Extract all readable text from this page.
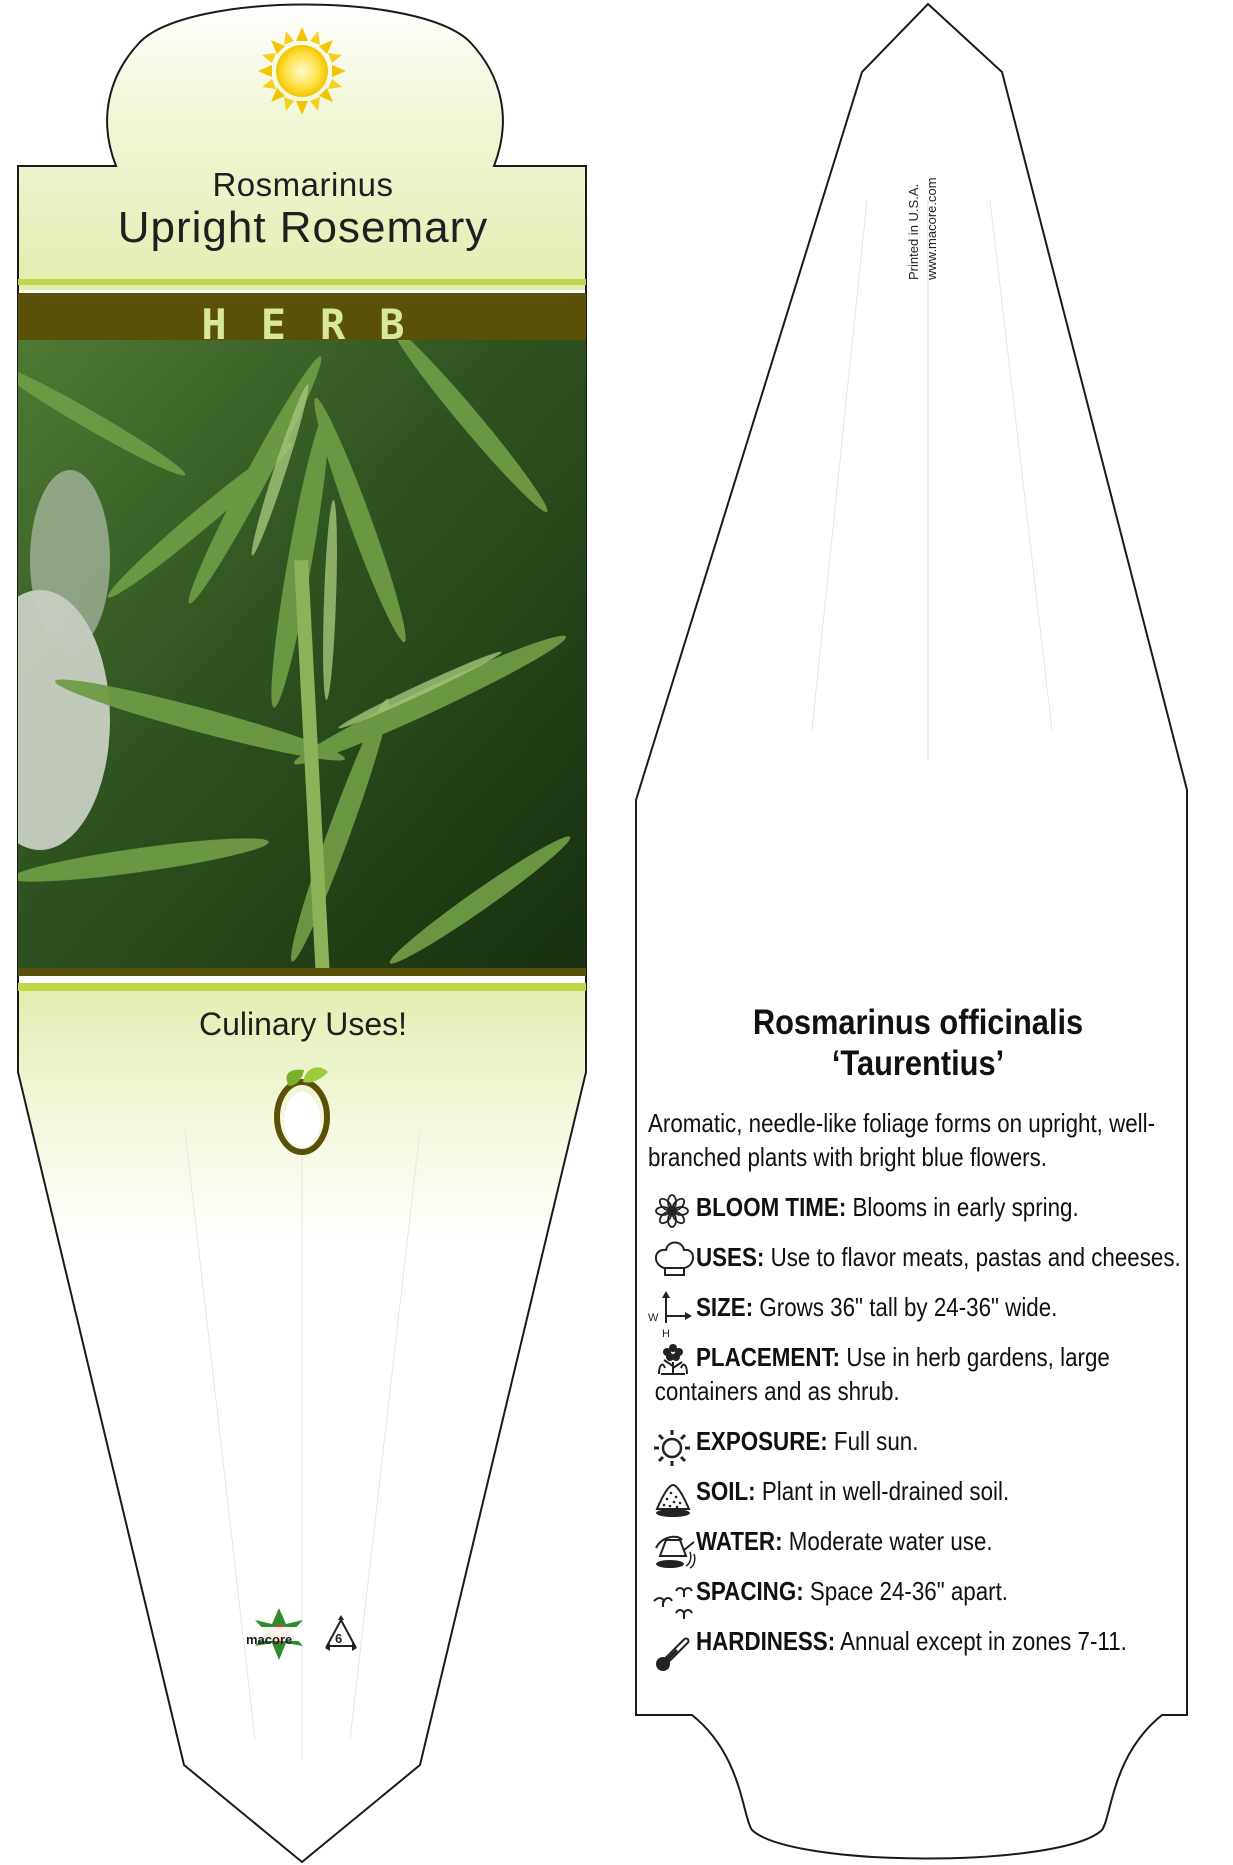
W
H
Rosmarinus
Upright Rosemary
HERB
Culinary Uses!
macore	6
Printed in U.S.A. www.macore.com
Rosmarinus officinalis
‘Taurentius’
Aromatic, needle-like foliage forms on upright, well-branched plants with bright blue flowers.
BLOOM TIME: Blooms in early spring.
USES: Use to flavor meats, pastas and cheeses.
SIZE: Grows 36" tall by 24-36" wide.
PLACEMENT: Use in herb gardens, large
containers and as shrub.
EXPOSURE: Full sun.
SOIL: Plant in well-drained soil.
WATER: Moderate water use.
SPACING: Space 24-36" apart.
HARDINESS: Annual except in zones 7-11.
